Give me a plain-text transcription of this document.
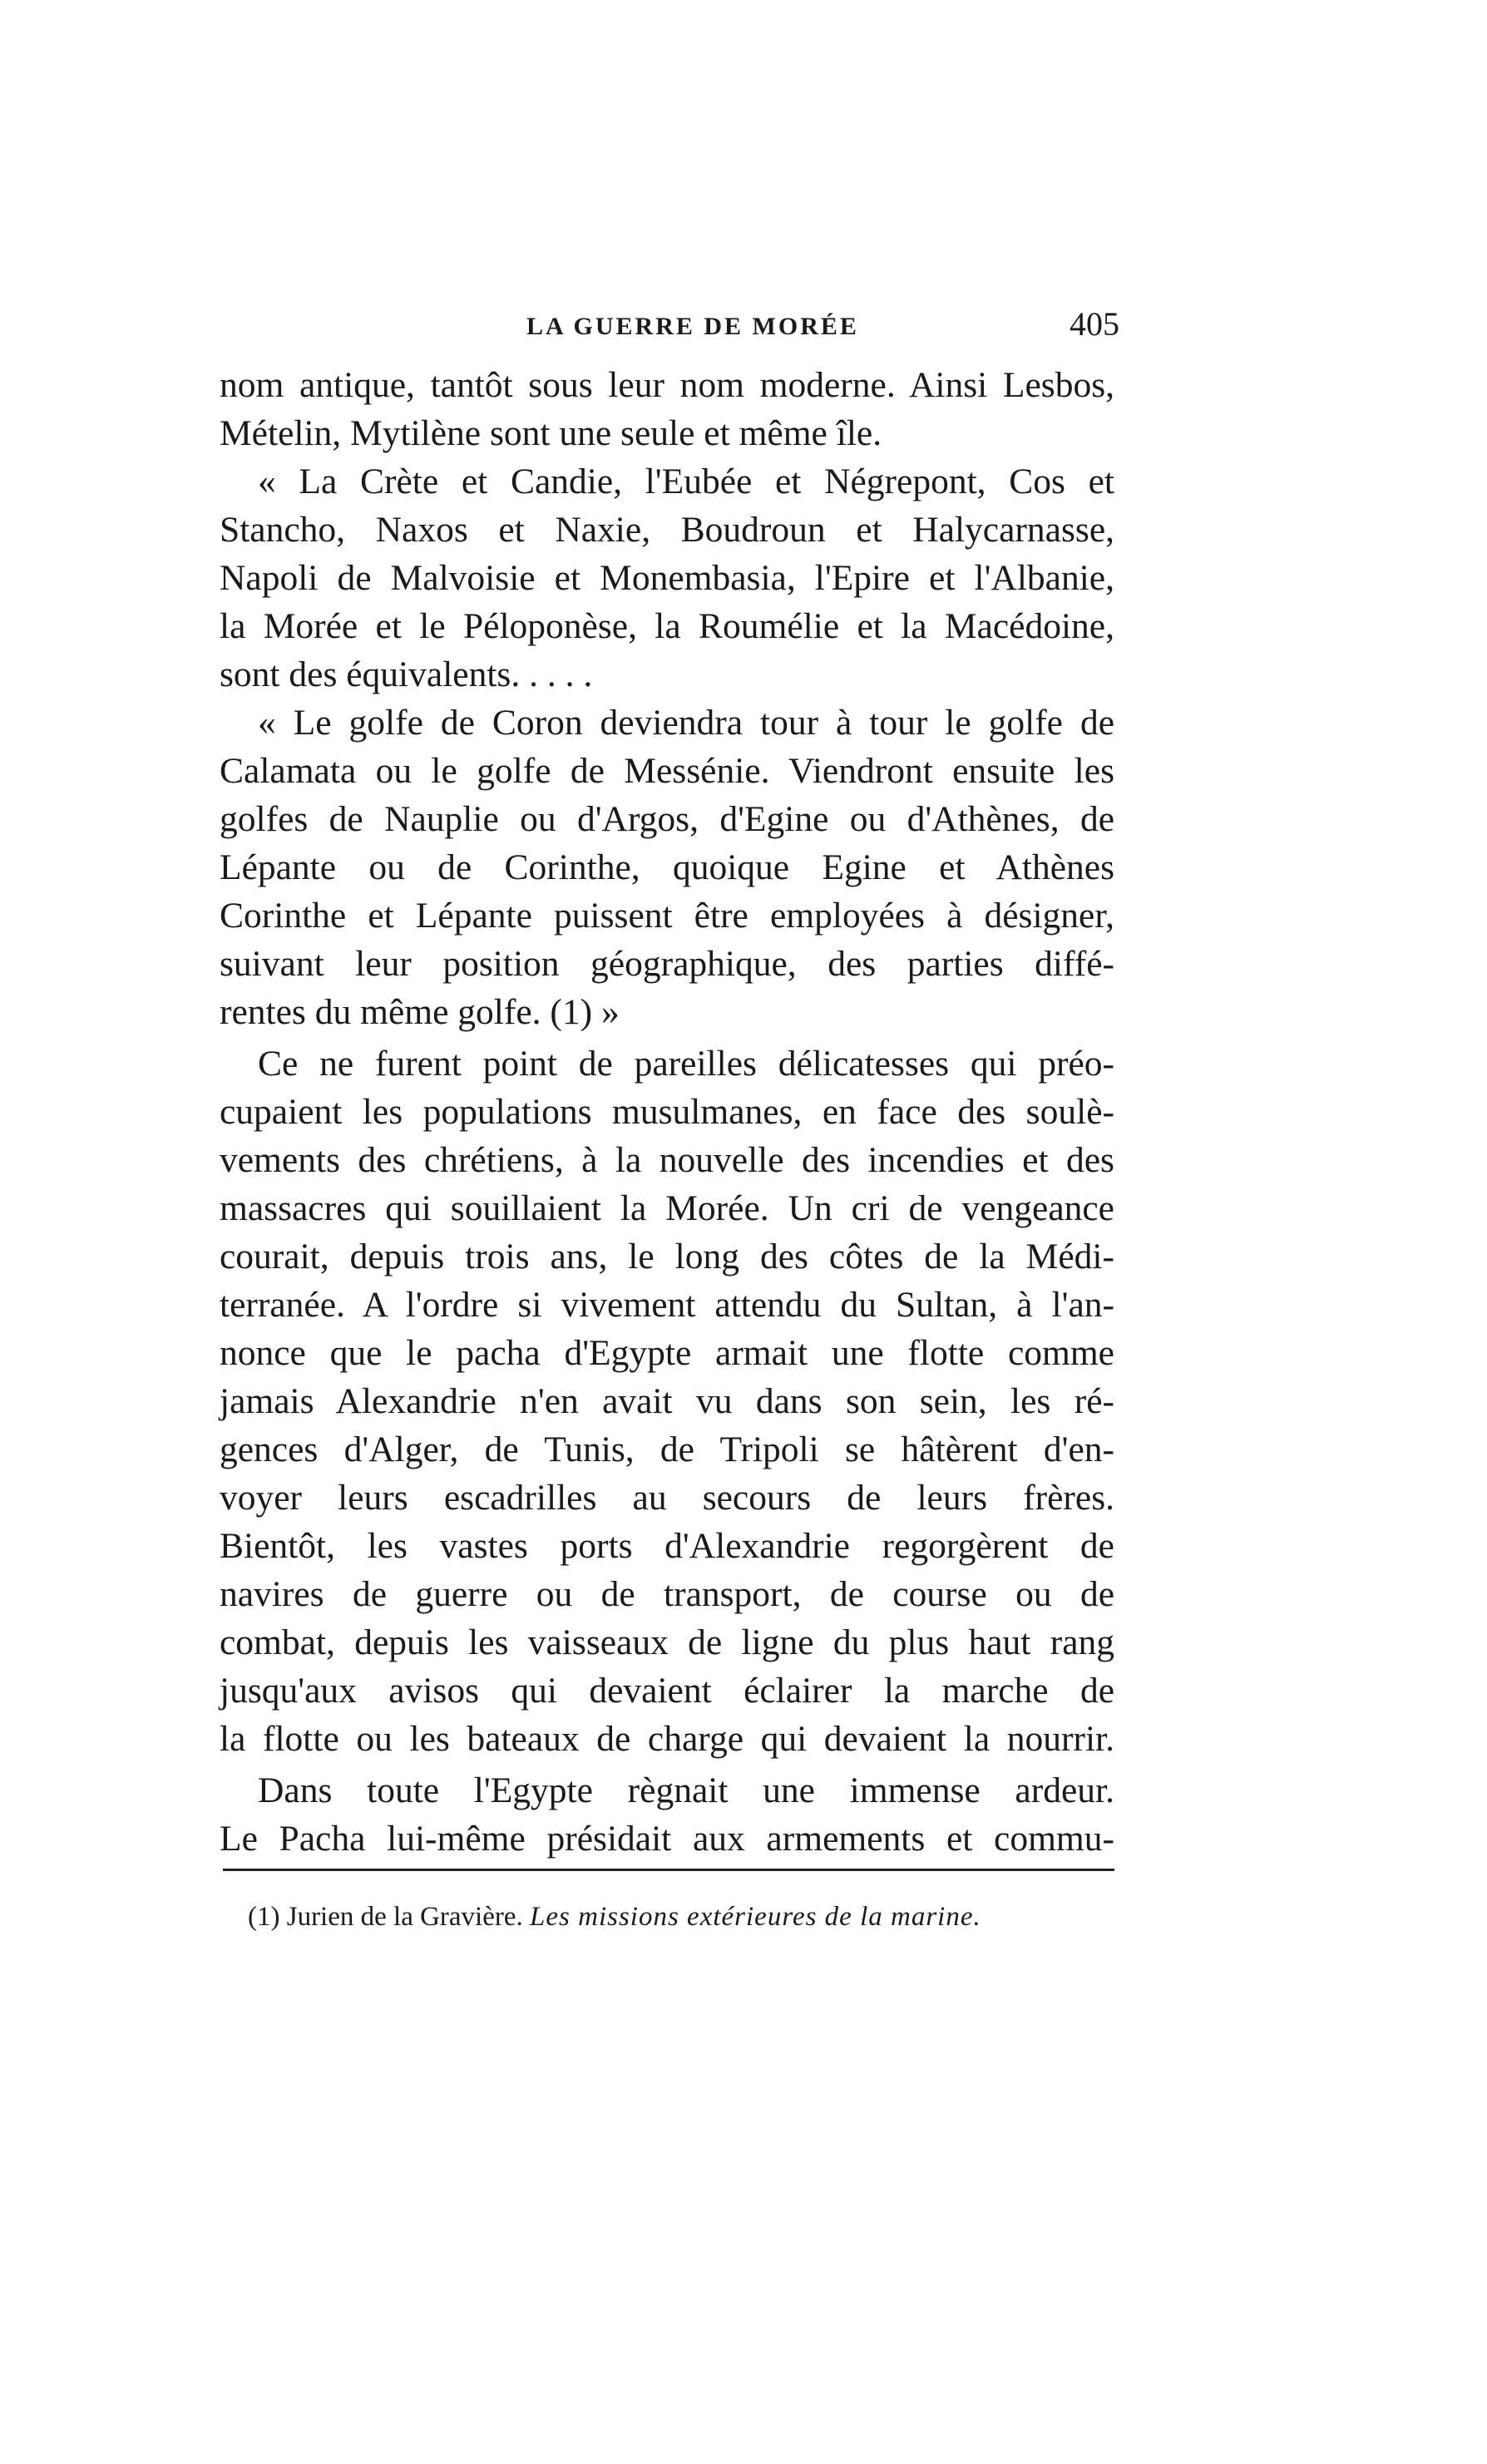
LA GUERRE DE MORÉE	405
nom antique, tantôt sous leur nom moderne. Ainsi Lesbos,
Mételin, Mytilène sont une seule et même île.
« La Crète et Candie, l'Eubée et Négrepont, Cos et
Stancho, Naxos et Naxie, Boudroun et Halycarnasse,
Napoli de Malvoisie et Monembasia, l'Epire et l'Albanie,
la Morée et le Péloponèse, la Roumélie et la Macédoine,
sont des équivalents. . . . .
« Le golfe de Coron deviendra tour à tour le golfe de
Calamata ou le golfe de Messénie. Viendront ensuite les
golfes de Nauplie ou d'Argos, d'Egine ou d'Athènes, de
Lépante ou de Corinthe, quoique Egine et Athènes
Corinthe et Lépante puissent être employées à désigner,
suivant leur position géographique, des parties diffé-
rentes du même golfe. (1) »
Ce ne furent point de pareilles délicatesses qui préo-
cupaient les populations musulmanes, en face des soulè-
vements des chrétiens, à la nouvelle des incendies et des
massacres qui souillaient la Morée. Un cri de vengeance
courait, depuis trois ans, le long des côtes de la Médi-
terranée. A l'ordre si vivement attendu du Sultan, à l'an-
nonce que le pacha d'Egypte armait une flotte comme
jamais Alexandrie n'en avait vu dans son sein, les ré-
gences d'Alger, de Tunis, de Tripoli se hâtèrent d'en-
voyer leurs escadrilles au secours de leurs frères.
Bientôt, les vastes ports d'Alexandrie regorgèrent de
navires de guerre ou de transport, de course ou de
combat, depuis les vaisseaux de ligne du plus haut rang
jusqu'aux avisos qui devaient éclairer la marche de
la flotte ou les bateaux de charge qui devaient la nourrir.
Dans toute l'Egypte règnait une immense ardeur.
Le Pacha lui-même présidait aux armements et commu-
(1) Jurien de la Gravière. Les missions extérieures de la marine.
